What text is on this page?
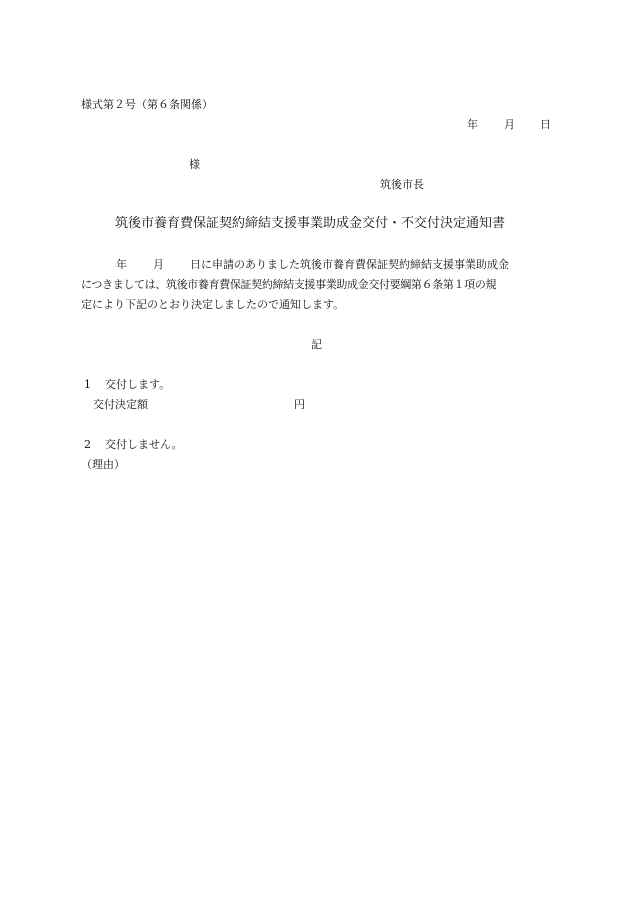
様式第２号（第６条関係）
年 月 日
様
筑後市長
筑後市養育費保証契約締結支援事業助成金交付・不交付決定通知書
年 月 日に申請のありました筑後市養育費保証契約締結支援事業助成金
につきましては、筑後市養育費保証契約締結支援事業助成金交付要綱第６条第１項の規
定により下記のとおり決定しましたので通知します。
記
1 交付します。
交付決定額	円
2 交付しません。
（理由）
